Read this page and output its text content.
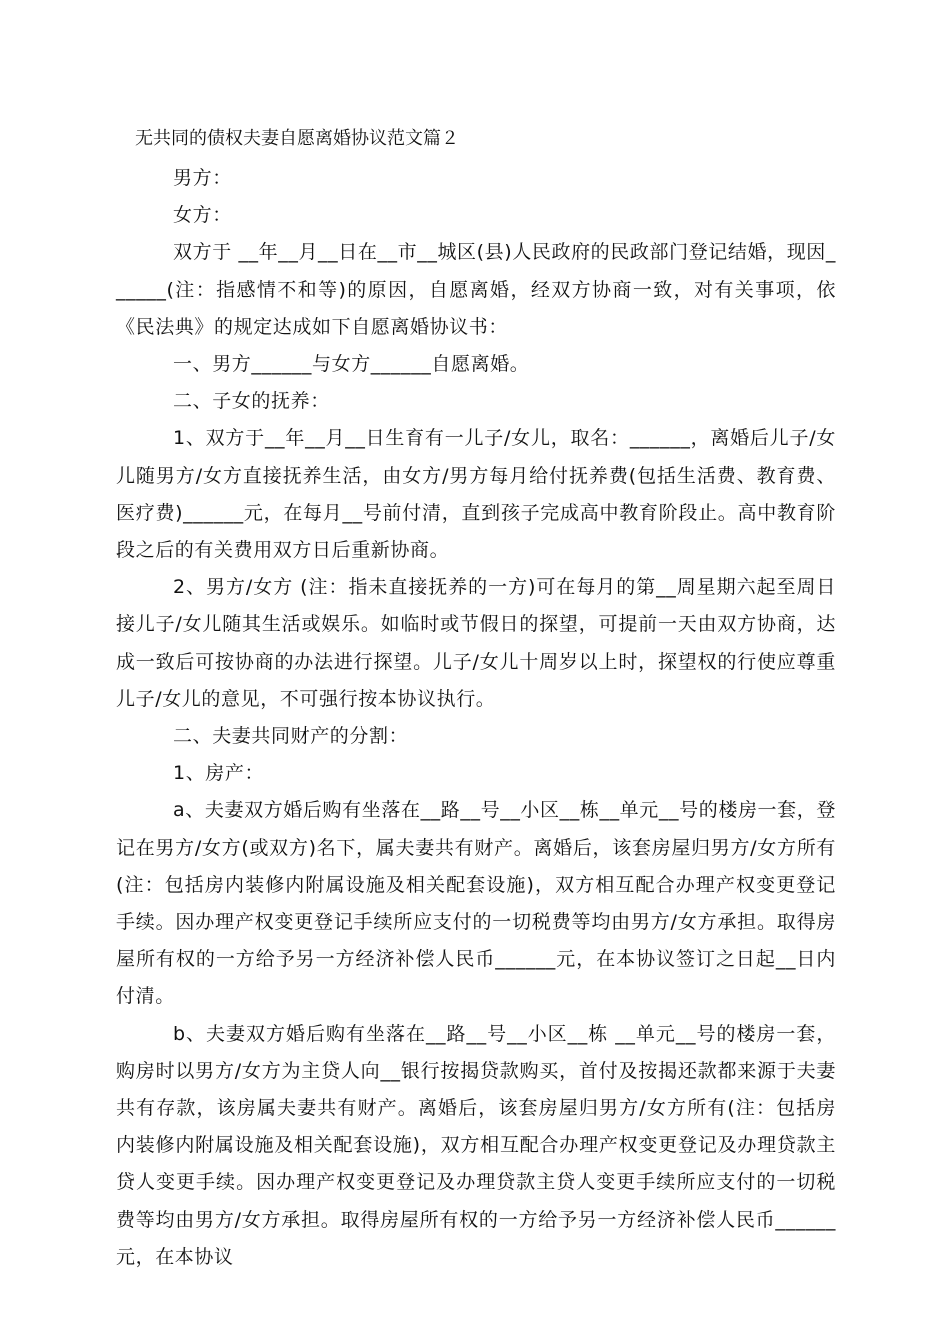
无共同的债权夫妻自愿离婚协议范文篇２

男方：

女方：

双方于 __年__月__日在__市__城区(县)人民政府的民政部门登记结婚，现因______(注：指感情不和等)的原因，自愿离婚，经双方协商一致，对有关事项，依《民法典》的规定达成如下自愿离婚协议书：

一、男方______与女方______自愿离婚。

二、子女的抚养：

1、双方于__年__月__日生育有一儿子/女儿，取名：______，离婚后儿子/女儿随男方/女方直接抚养生活，由女方/男方每月给付抚养费(包括生活费、教育费、医疗费)______元，在每月__号前付清，直到孩子完成高中教育阶段止。高中教育阶段之后的有关费用双方日后重新协商。

2、男方/女方 (注：指未直接抚养的一方)可在每月的第__周星期六起至周日接儿子/女儿随其生活或娱乐。如临时或节假日的探望，可提前一天由双方协商，达成一致后可按协商的办法进行探望。儿子/女儿十周岁以上时，探望权的行使应尊重儿子/女儿的意见，不可强行按本协议执行。

二、夫妻共同财产的分割：

1、房产：

a、夫妻双方婚后购有坐落在__路__号__小区__栋__单元__号的楼房一套，登记在男方/女方(或双方)名下，属夫妻共有财产。离婚后，该套房屋归男方/女方所有(注：包括房内装修内附属设施及相关配套设施)，双方相互配合办理产权变更登记手续。因办理产权变更登记手续所应支付的一切税费等均由男方/女方承担。取得房屋所有权的一方给予另一方经济补偿人民币______元，在本协议签订之日起__日内付清。

b、夫妻双方婚后购有坐落在__路__号__小区__栋 __单元__号的楼房一套，购房时以男方/女方为主贷人向__银行按揭贷款购买，首付及按揭还款都来源于夫妻共有存款，该房属夫妻共有财产。离婚后，该套房屋归男方/女方所有(注：包括房内装修内附属设施及相关配套设施)，双方相互配合办理产权变更登记及办理贷款主贷人变更手续。因办理产权变更登记及办理贷款主贷人变更手续所应支付的一切税费等均由男方/女方承担。取得房屋所有权的一方给予另一方经济补偿人民币______元，在本协议
